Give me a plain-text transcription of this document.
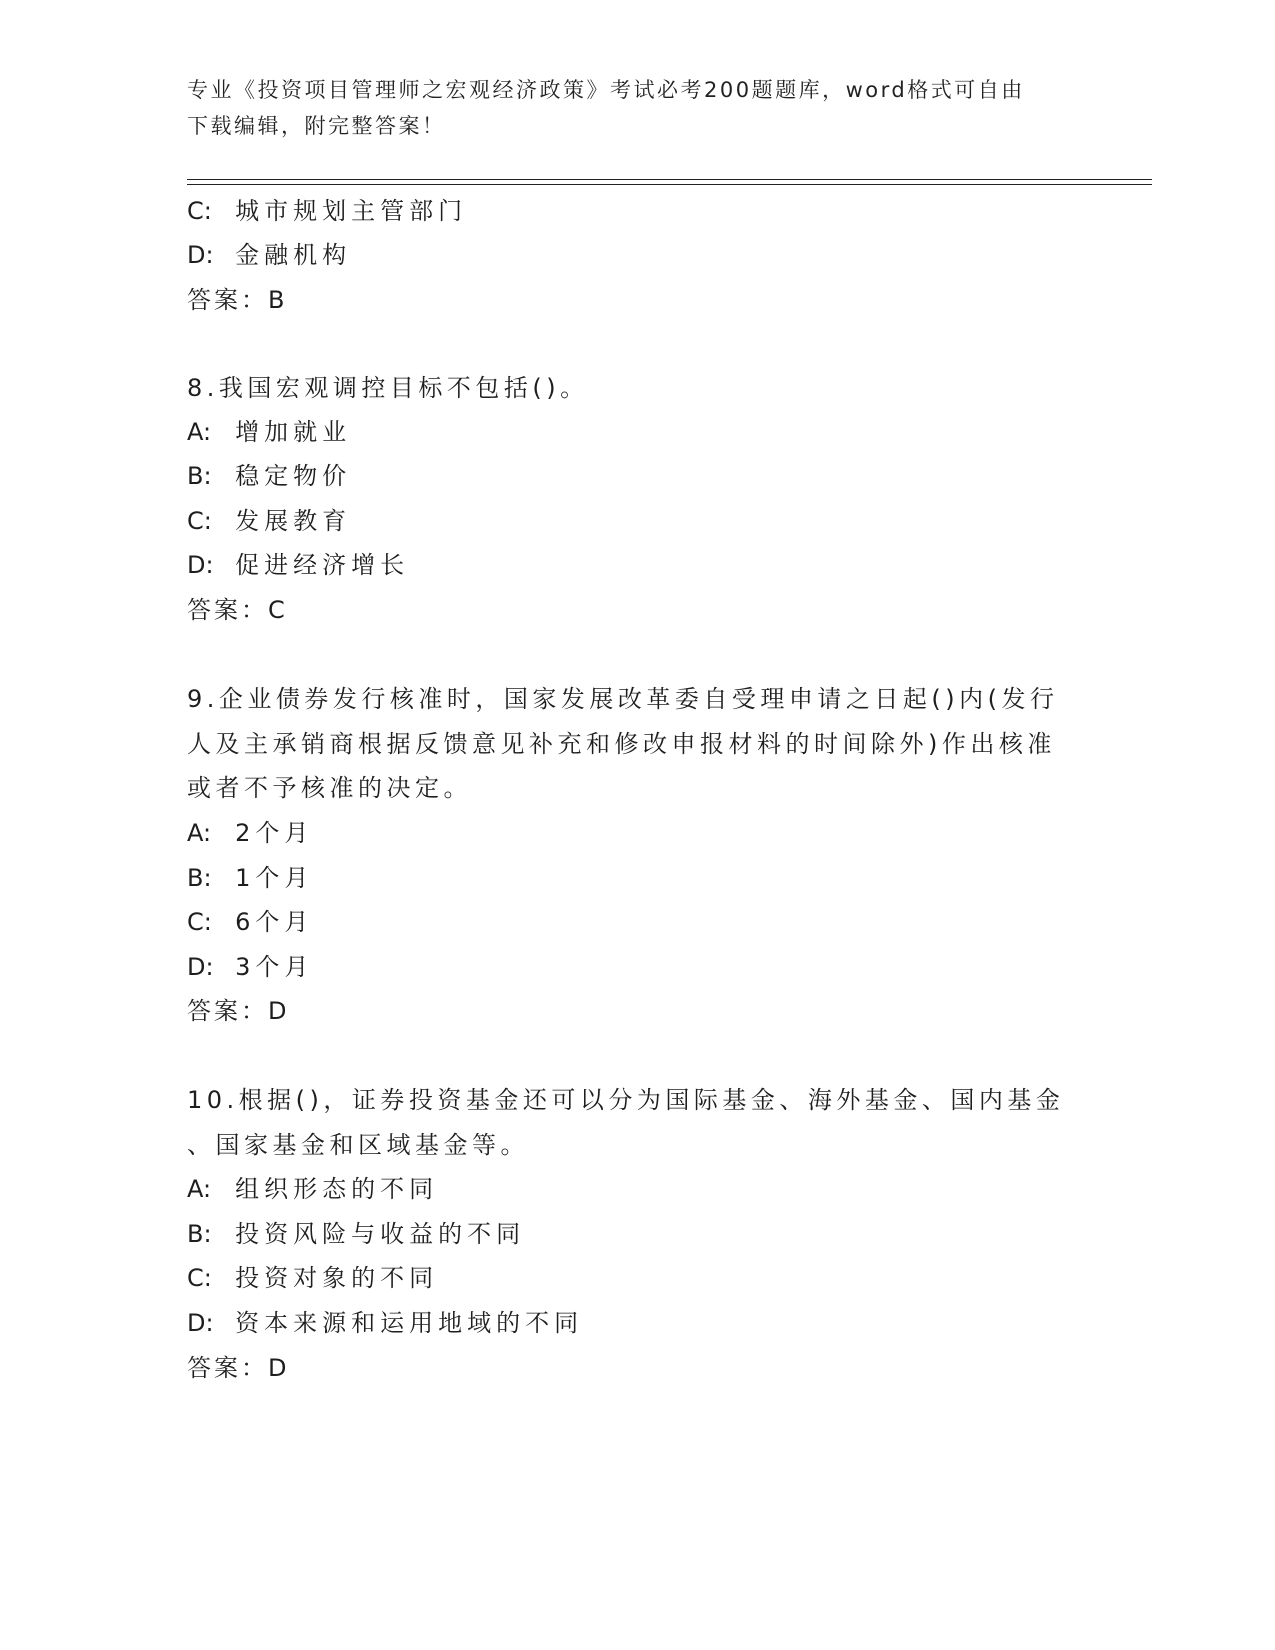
专业《投资项目管理师之宏观经济政策》考试必考200题题库，word格式可自由
下载编辑，附完整答案！
C: 城市规划主管部门
D: 金融机构
答案：B
8.我国宏观调控目标不包括()。
A: 增加就业
B: 稳定物价
C: 发展教育
D: 促进经济增长
答案：C
9.企业债券发行核准时，国家发展改革委自受理申请之日起()内(发行
人及主承销商根据反馈意见补充和修改申报材料的时间除外)作出核准
或者不予核准的决定。
A: 2个月
B: 1个月
C: 6个月
D: 3个月
答案：D
10.根据()，证券投资基金还可以分为国际基金、海外基金、国内基金
、国家基金和区域基金等。
A: 组织形态的不同
B: 投资风险与收益的不同
C: 投资对象的不同
D: 资本来源和运用地域的不同
答案：D
